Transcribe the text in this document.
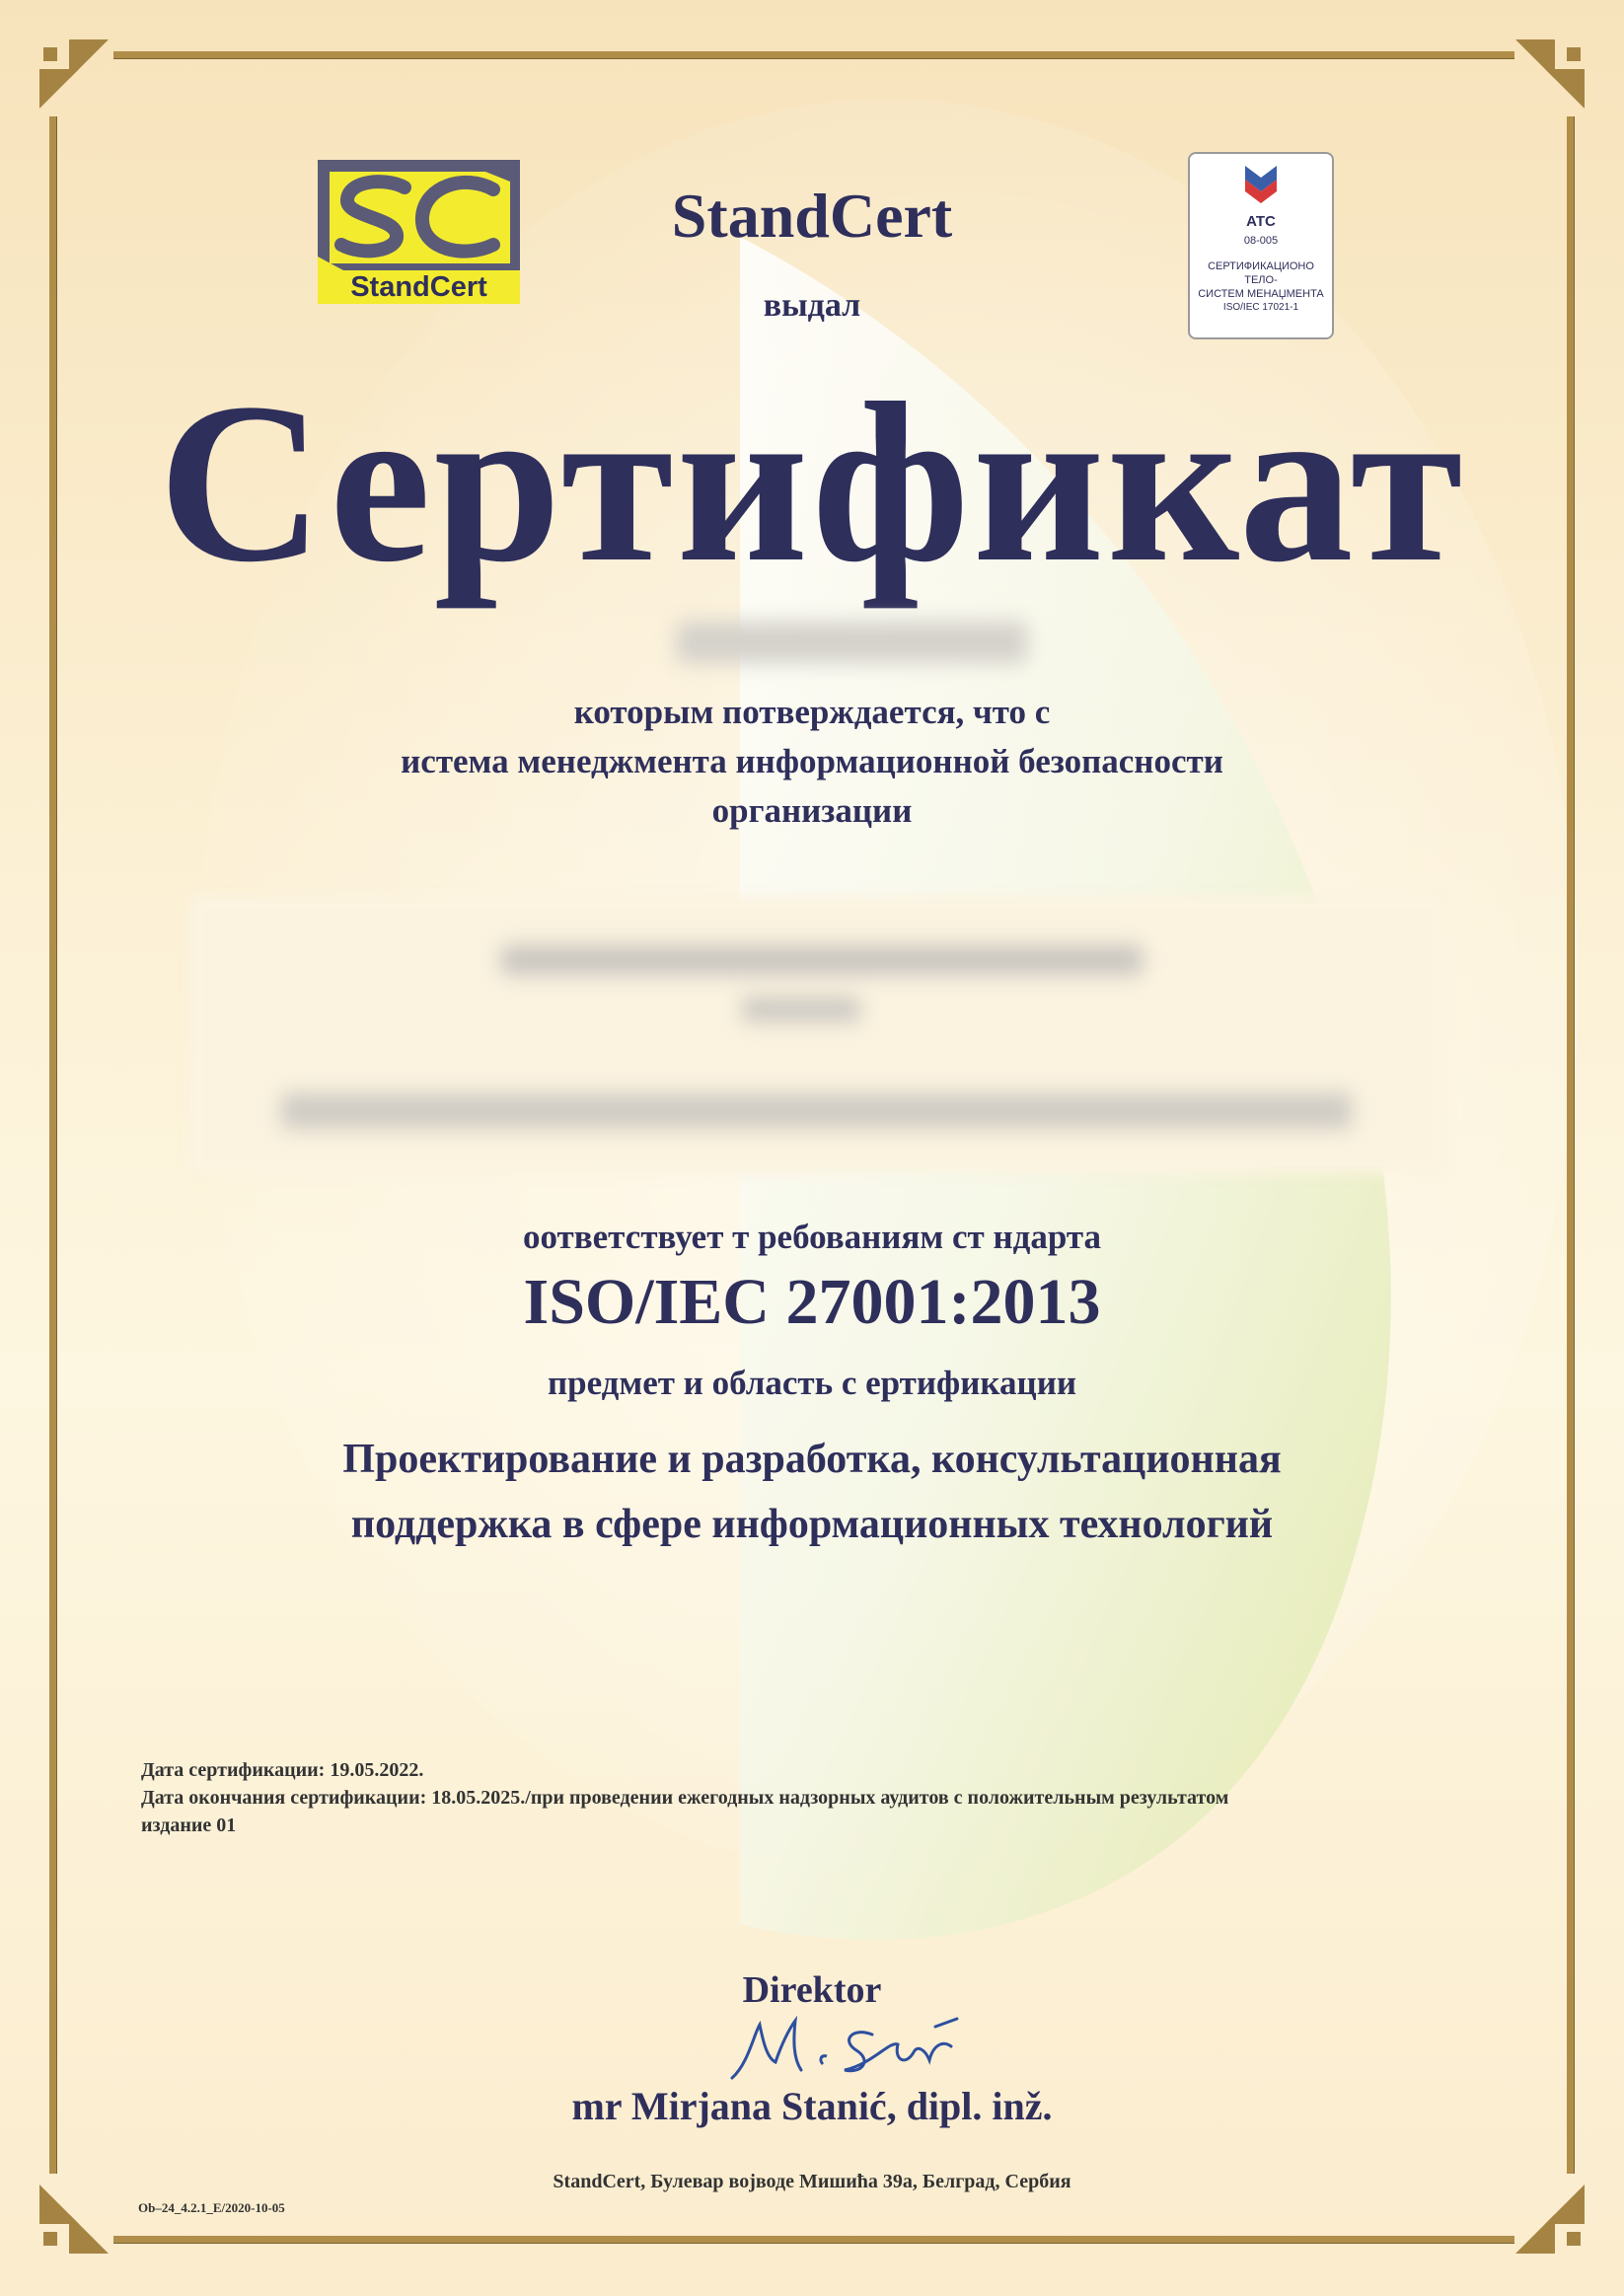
StandCert
StandCert
выдал
ATC
08-005
СЕРТИФИКАЦИОНО
ТЕЛО-
СИСТЕМ МЕНАЏМЕНТА
ISO/IEC 17021-1
Сертификат
которым потверждается, что с
истема менеджмента информационной безопасности
организации
оответствует т ребованиям ст ндарта
ISO/IEC 27001:2013
предмет и область с ертификации
Проектирование и разработка, консультационная
поддержка в сфере информационных технологий
Дата сертификации: 19.05.2022.
Дата окончания сертификации: 18.05.2025./при проведении ежегодных надзорных аудитов с положительным результатом
издание 01
Direktor
mr Mirjana Stanić, dipl. inž.
StandCert, Булевар војводе Мишића 39а, Белград, Сербия
Ob–24_4.2.1_E/2020-10-05
